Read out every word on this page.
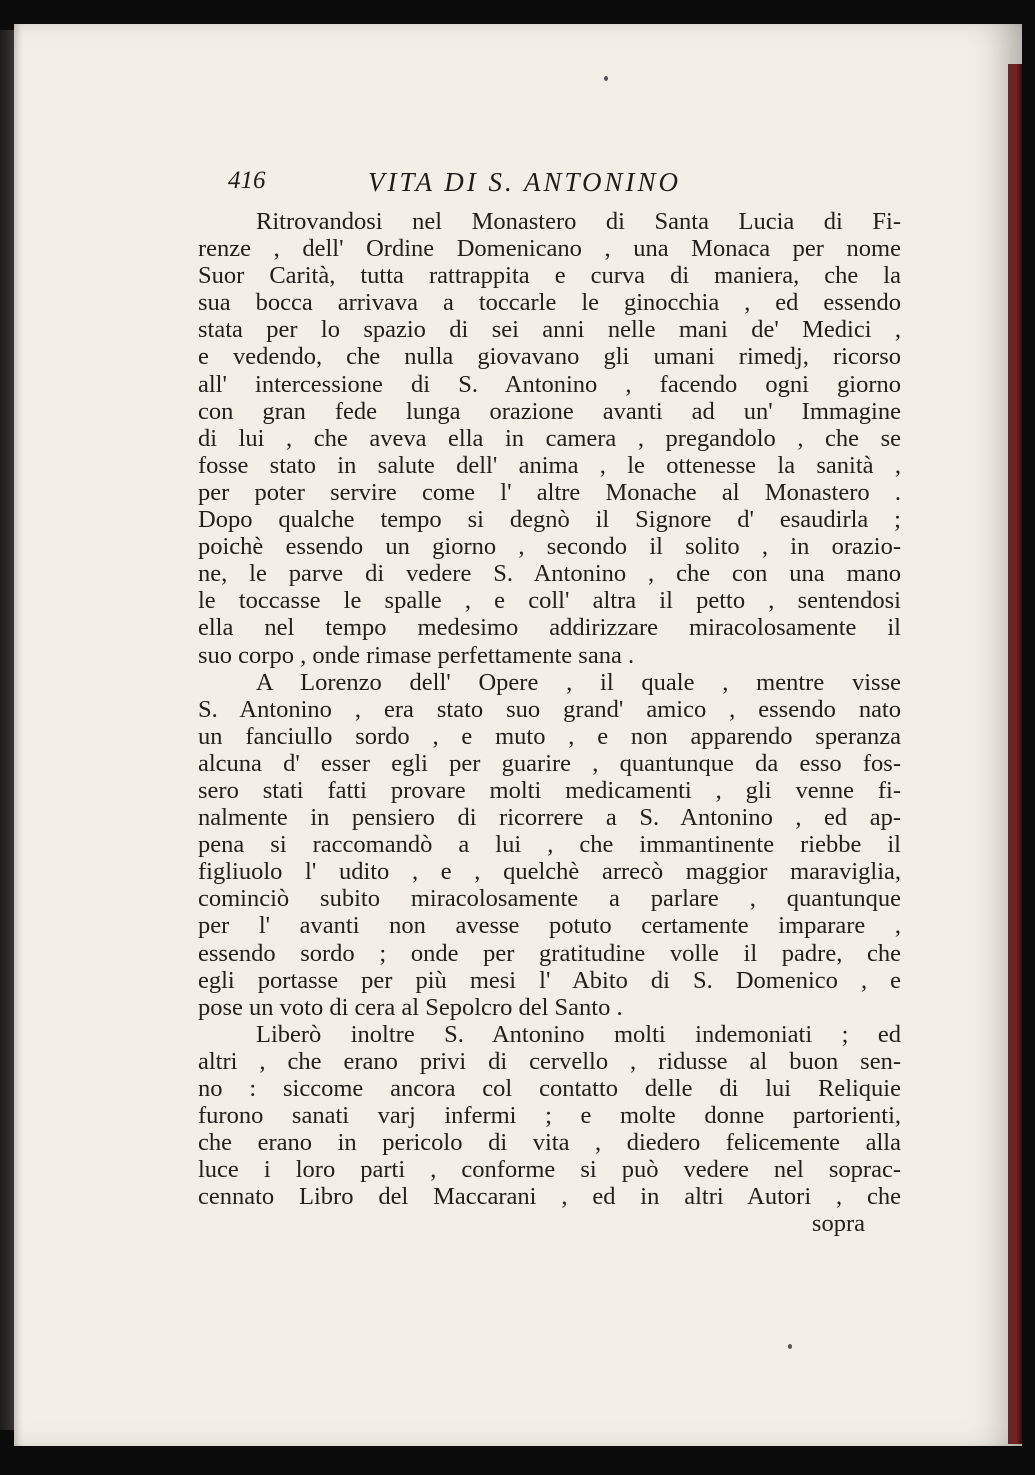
416	VITA DI S. ANTONINO
Ritrovandosi nel Monastero di Santa Lucia di Fi-
renze , dell' Ordine Domenicano , una Monaca per nome
Suor Carità, tutta rattrappita e curva di maniera, che la
sua bocca arrivava a toccarle le ginocchia , ed essendo
stata per lo spazio di sei anni nelle mani de' Medici ,
e vedendo, che nulla giovavano gli umani rimedj, ricorso
all' intercessione di S. Antonino , facendo ogni giorno
con gran fede lunga orazione avanti ad un' Immagine
di lui , che aveva ella in camera , pregandolo , che se
fosse stato in salute dell' anima , le ottenesse la sanità ,
per poter servire come l' altre Monache al Monastero .
Dopo qualche tempo si degnò il Signore d' esaudirla ;
poichè essendo un giorno , secondo il solito , in orazio-
ne, le parve di vedere S. Antonino , che con una mano
le toccasse le spalle , e coll' altra il petto , sentendosi
ella nel tempo medesimo addirizzare miracolosamente il
suo corpo , onde rimase perfettamente sana .
A Lorenzo dell' Opere , il quale , mentre visse
S. Antonino , era stato suo grand' amico , essendo nato
un fanciullo sordo , e muto , e non apparendo speranza
alcuna d' esser egli per guarire , quantunque da esso fos-
sero stati fatti provare molti medicamenti , gli venne fi-
nalmente in pensiero di ricorrere a S. Antonino , ed ap-
pena si raccomandò a lui , che immantinente riebbe il
figliuolo l' udito , e , quelchè arrecò maggior maraviglia,
cominciò subito miracolosamente a parlare , quantunque
per l' avanti non avesse potuto certamente imparare ,
essendo sordo ; onde per gratitudine volle il padre, che
egli portasse per più mesi l' Abito di S. Domenico , e
pose un voto di cera al Sepolcro del Santo .
Liberò inoltre S. Antonino molti indemoniati ; ed
altri , che erano privi di cervello , ridusse al buon sen-
no : siccome ancora col contatto delle di lui Reliquie
furono sanati varj infermi ; e molte donne partorienti,
che erano in pericolo di vita , diedero felicemente alla
luce i loro parti , conforme si può vedere nel soprac-
cennato Libro del Maccarani , ed in altri Autori , che
sopra
